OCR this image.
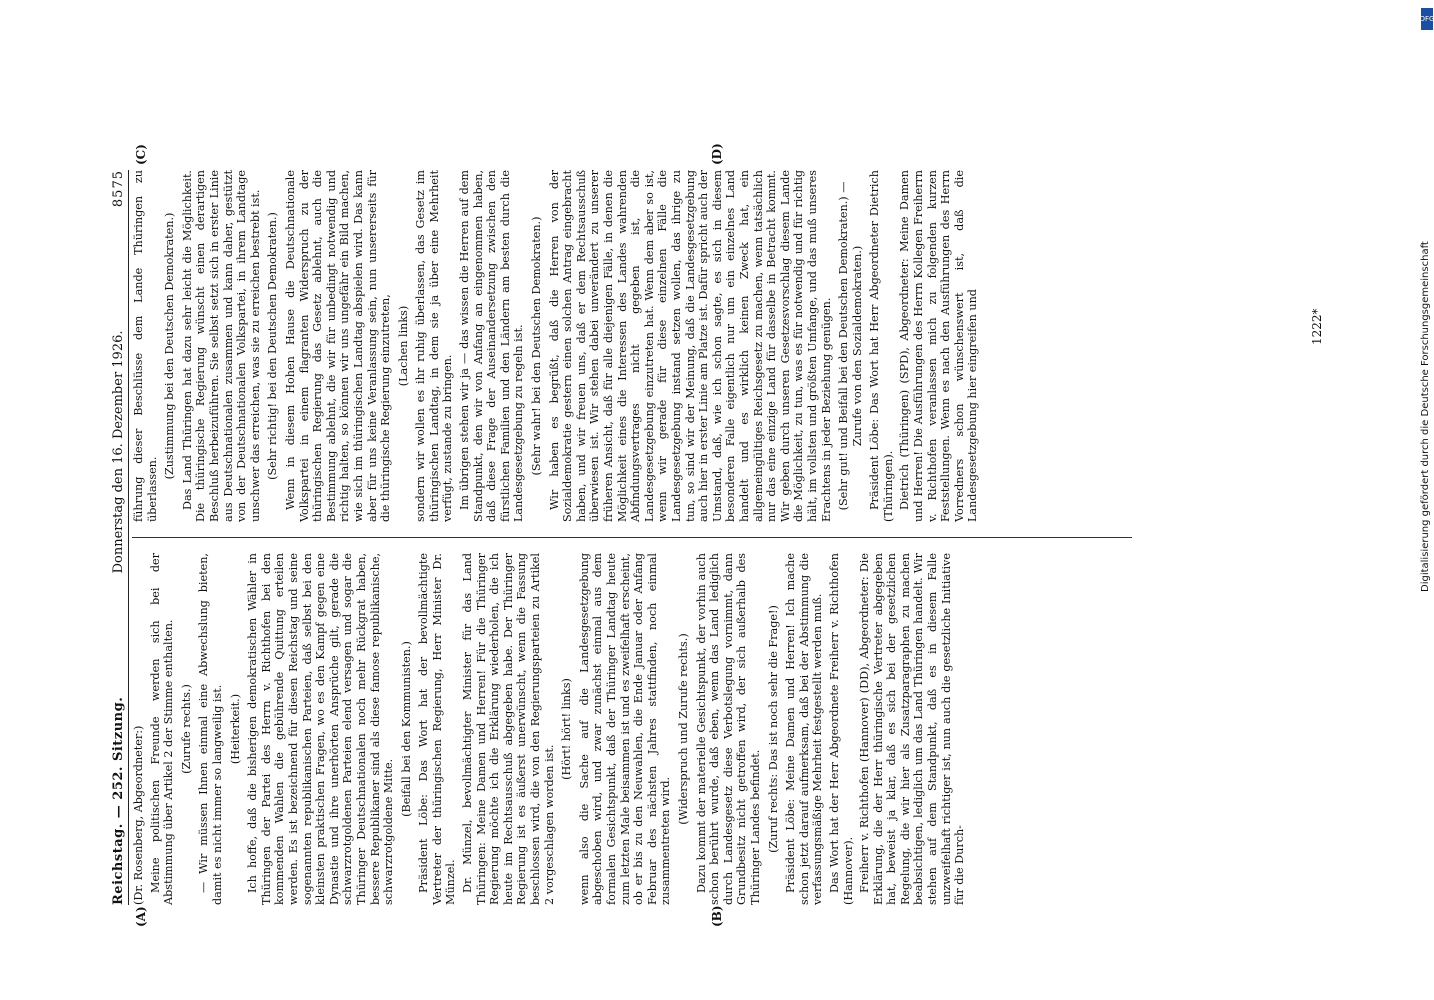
Reichstag. — 252. Sitzung.
Donnerstag den 16. Dezember 1926.
8575

(Dr. Rosenberg, Abgeordneter:) Meine politischen Freunde werden sich bei der Abstimmung über Artikel 2 der Stimme enthalten. (Zurufe rechts.) — Wir müssen Ihnen einmal eine Abwechslung bieten, damit es nicht immer so langweilig ist. (Heiterkeit.) Ich hoffe, daß die bisherigen demokratischen Wähler in Thüringen der Partei des Herrn v. Richthofen bei den kommenden Wahlen die gebührende Quittung erteilen werden. Es ist bezeichnend für diesen Reichstag und seine sogenannten republikanischen Parteien, daß selbst bei den kleinsten praktischen Fragen, wo es den Kampf gegen eine Dynastie und ihre unerhörten Ansprüche gilt, gerade die schwarzrotgoldenen Parteien elend versagen und sogar die Thüringer Deutschnationalen noch mehr Rückgrat haben, bessere Republikaner sind als diese famose republikanische, schwarzrotgoldene Mitte.

(Beifall bei den Kommunisten.) Präsident Löbe: Das Wort hat der bevollmächtigte Vertreter der thüringischen Regierung, Herr Minister Dr. Münzel. Dr. Münzel, bevollmächtigter Minister für das Land Thüringen: Meine Damen und Herren! Für die Thüringer Regierung möchte ich die Erklärung wiederholen, die ich heute im Rechtsausschuß abgegeben habe. Der Thüringer Regierung ist es äußerst unerwünscht, wenn die Fassung beschlossen wird, die von den Regierungsparteien zu Artikel 2 vorgeschlagen worden ist.

(Hört! hört! links) wenn also die Sache auf die Landesgesetzgebung abgeschoben wird, und zwar zunächst einmal aus dem formalen Gesichtspunkt, daß der Thüringer Landtag heute zum letzten Male beisammen ist und es zweifelhaft erscheint, ob er bis zu den Neuwahlen, die Ende Januar oder Anfang Februar des nächsten Jahres stattfinden, noch einmal zusammentreten wird.

(Widerspruch und Zurufe rechts.) Dazu kommt der materielle Gesichtspunkt, der vorhin auch schon berührt wurde, daß eben, wenn das Land lediglich durch Landesgesetz diese Verbotslegung vornimmt, dann Grundbesitz nicht getroffen wird, der sich außerhalb des Thüringer Landes befindet. (Zuruf rechts: Das ist noch sehr die Frage!) Präsident Löbe: Meine Damen und Herren! Ich mache schon jetzt darauf aufmerksam, daß bei der Abstimmung die verfassungsmäßige Mehrheit festgestellt werden muß. Das Wort hat der Herr Abgeordnete Freiherr v. Richthofen (Hannover). Freiherr v. Richthofen (Hannover) (DD), Abgeordneter: Die Erklärung, die der Herr thüringische Vertreter abgegeben hat, beweist ja klar, daß es sich bei der gesetzlichen Regelung, die wir hier als Zusatzparagraphen zu machen beabsichtigen, lediglich um das Land Thüringen handelt. Wir stehen auf dem Standpunkt, daß es in diesem Falle unzweifelhaft richtiger ist, nun auch die gesetzliche Initiative für die Durch-

führung dieser Beschlüsse dem Lande Thüringen zu überlassen.

(Zustimmung bei den Deutschen Demokraten.) Das Land Thüringen hat dazu sehr leicht die Möglichkeit. Die thüringische Regierung wünscht einen derartigen Beschluß herbeizuführen. Sie selbst setzt sich in erster Linie aus Deutschnationalen zusammen und kann daher, gestützt von der Deutschnationalen Volkspartei, in ihrem Landtage unschwer das erreichen, was sie zu erreichen bestrebt ist. (Sehr richtig! bei den Deutschen Demokraten.) Wenn in diesem Hohen Hause die Deutschnationale Volkspartei in einem flagranten Widerspruch zu der thüringischen Regierung das Gesetz ablehnt, auch die Bestimmung ablehnt, die wir für unbedingt notwendig und richtig halten, so können wir uns ungefähr ein Bild machen, wie sich im thüringischen Landtag abspielen wird. Das kann aber für uns keine Veranlassung sein, nun unsererseits für die thüringische Regierung einzutreten, (Lachen links) sondern wir wollen es ihr ruhig überlassen, das Gesetz im thüringischen Landtag, in dem sie ja über eine Mehrheit verfügt, zustande zu bringen. Im übrigen stehen wir ja — das wissen die Herren auf dem Standpunkt, den wir von Anfang an eingenommen haben, daß diese Frage der Auseinandersetzung zwischen den fürstlichen Familien und den Ländern am besten durch die Landesgesetzgebung zu regeln ist. (Sehr wahr! bei den Deutschen Demokraten.) Wir haben es begrüßt, daß die Herren von der Sozialdemokratie gestern einen solchen Antrag eingebracht haben, und wir freuen uns, daß er dem Rechtsausschuß überwiesen ist. Wir stehen dabei unverändert zu unserer früheren Ansicht, daß für alle diejenigen Fälle, in denen die Möglichkeit eines die Interessen des Landes wahrenden Abfindungsvertrages nicht gegeben ist, die Landesgesetzgebung einzutreten hat. Wenn dem aber so ist, wenn wir gerade für diese einzelnen Fälle die Landesgesetzgebung instand setzen wollen, das ihrige zu tun, so sind wir der Meinung, daß die Landesgesetzgebung auch hier in erster Linie am Platze ist. Dafür spricht auch der Umstand, daß, wie ich schon sagte, es sich in diesem besonderen Falle eigentlich nur um ein einzelnes Land handelt und es wirklich keinen Zweck hat, ein allgemeingültiges Reichsgesetz zu machen, wenn tatsächlich nur das eine einzige Land für dasselbe in Betracht kommt. Wir geben durch unseren Gesetzesvorschlag diesem Lande die Möglichkeit, zu tun, was es für notwendig und für richtig hält, im vollsten und größten Umfange, und das muß unseres Erachtens in jeder Beziehung genügen. (Sehr gut! und Beifall bei den Deutschen Demokraten.) — Zurufe von den Sozialdemokraten.) Präsident Löbe: Das Wort hat Herr Abgeordneter Dietrich (Thüringen). Dietrich (Thüringen) (SPD), Abgeordneter: Meine Damen und Herren! Die Ausführungen des Herrn Kollegen Freiherrn v. Richthofen veranlassen mich zu folgenden kurzen Feststellungen. Wenn es nach den Ausführungen des Herrn Vorredners schon wünschenswert ist, daß die Landesgesetzgebung hier eingreifen und

(A)	(B)
(C)	(D)
1222*
DFG
Digitalisierung gefördert durch die Deutsche Forschungsgemeinschaft
